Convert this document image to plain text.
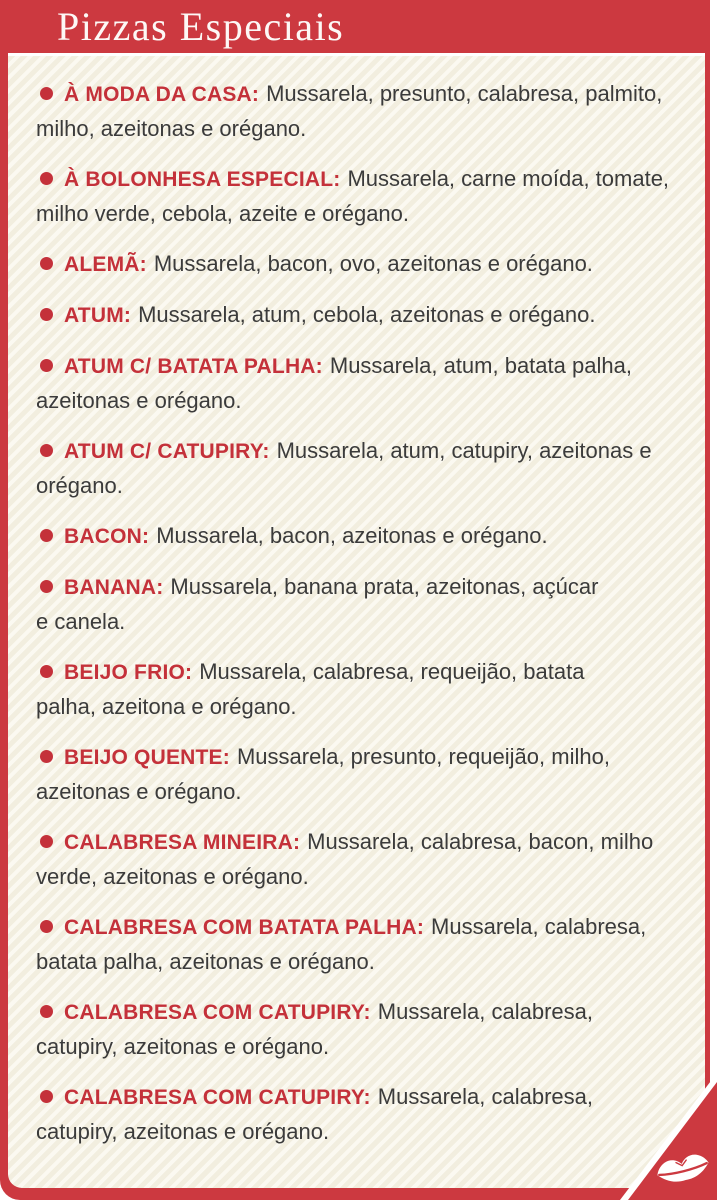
Pizzas Especiais

À MODA DA CASA: Mussarela, presunto, calabresa, palmito,
milho, azeitonas e orégano.

À BOLONHESA ESPECIAL: Mussarela, carne moída, tomate,
milho verde, cebola, azeite e orégano.

ALEMÃ: Mussarela, bacon, ovo, azeitonas e orégano.

ATUM: Mussarela, atum, cebola, azeitonas e orégano.

ATUM C/ BATATA PALHA: Mussarela, atum, batata palha,
azeitonas e orégano.

ATUM C/ CATUPIRY: Mussarela, atum, catupiry, azeitonas e
orégano.

BACON: Mussarela, bacon, azeitonas e orégano.

BANANA: Mussarela, banana prata, azeitonas, açúcar
e canela.

BEIJO FRIO: Mussarela, calabresa, requeijão, batata
palha, azeitona e orégano.

BEIJO QUENTE: Mussarela, presunto, requeijão, milho,
azeitonas e orégano.

CALABRESA MINEIRA: Mussarela, calabresa, bacon, milho
verde, azeitonas e orégano.

CALABRESA COM BATATA PALHA: Mussarela, calabresa,
batata palha, azeitonas e orégano.

CALABRESA COM CATUPIRY: Mussarela, calabresa,
catupiry, azeitonas e orégano.

CALABRESA COM CATUPIRY: Mussarela, calabresa,
catupiry, azeitonas e orégano.
